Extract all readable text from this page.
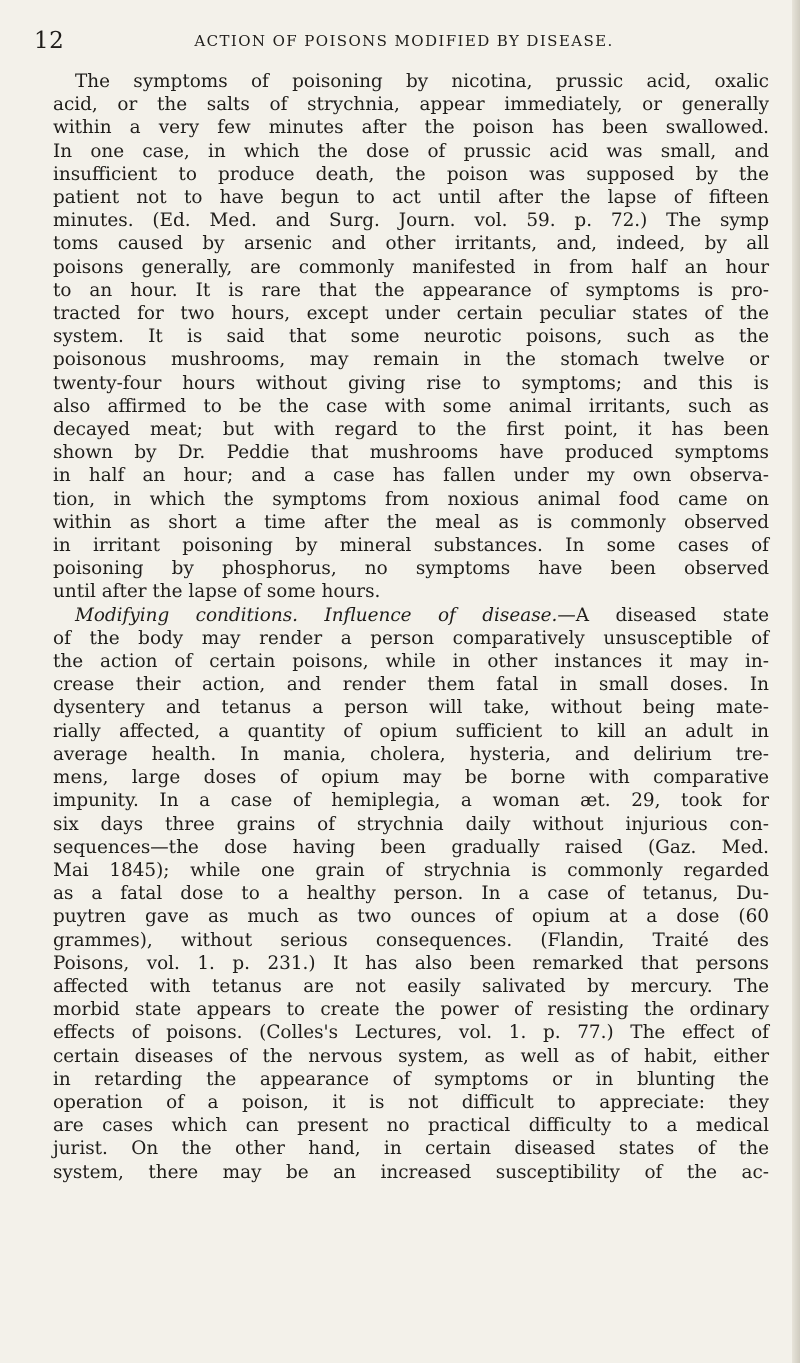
12	ACTION OF POISONS MODIFIED BY DISEASE.
The symptoms of poisoning by nicotina, prussic acid, oxalic
acid, or the salts of strychnia, appear immediately, or generally
within a very few minutes after the poison has been swallowed.
In one case, in which the dose of prussic acid was small, and
insufficient to produce death, the poison was supposed by the
patient not to have begun to act until after the lapse of fifteen
minutes. (Ed. Med. and Surg. Journ. vol. 59. p. 72.) The symp
toms caused by arsenic and other irritants, and, indeed, by all
poisons generally, are commonly manifested in from half an hour
to an hour. It is rare that the appearance of symptoms is pro-
tracted for two hours, except under certain peculiar states of the
system. It is said that some neurotic poisons, such as the
poisonous mushrooms, may remain in the stomach twelve or
twenty-four hours without giving rise to symptoms; and this is
also affirmed to be the case with some animal irritants, such as
decayed meat; but with regard to the first point, it has been
shown by Dr. Peddie that mushrooms have produced symptoms
in half an hour; and a case has fallen under my own observa-
tion, in which the symptoms from noxious animal food came on
within as short a time after the meal as is commonly observed
in irritant poisoning by mineral substances. In some cases of
poisoning by phosphorus, no symptoms have been observed
until after the lapse of some hours.
Modifying conditions. Influence of disease.—A diseased state
of the body may render a person comparatively unsusceptible of
the action of certain poisons, while in other instances it may in-
crease their action, and render them fatal in small doses. In
dysentery and tetanus a person will take, without being mate-
rially affected, a quantity of opium sufficient to kill an adult in
average health. In mania, cholera, hysteria, and delirium tre-
mens, large doses of opium may be borne with comparative
impunity. In a case of hemiplegia, a woman æt. 29, took for
six days three grains of strychnia daily without injurious con-
sequences—the dose having been gradually raised (Gaz. Med.
Mai 1845); while one grain of strychnia is commonly regarded
as a fatal dose to a healthy person. In a case of tetanus, Du-
puytren gave as much as two ounces of opium at a dose (60
grammes), without serious consequences. (Flandin, Traité des
Poisons, vol. 1. p. 231.) It has also been remarked that persons
affected with tetanus are not easily salivated by mercury. The
morbid state appears to create the power of resisting the ordinary
effects of poisons. (Colles's Lectures, vol. 1. p. 77.) The effect of
certain diseases of the nervous system, as well as of habit, either
in retarding the appearance of symptoms or in blunting the
operation of a poison, it is not difficult to appreciate: they
are cases which can present no practical difficulty to a medical
jurist. On the other hand, in certain diseased states of the
system, there may be an increased susceptibility of the ac-
